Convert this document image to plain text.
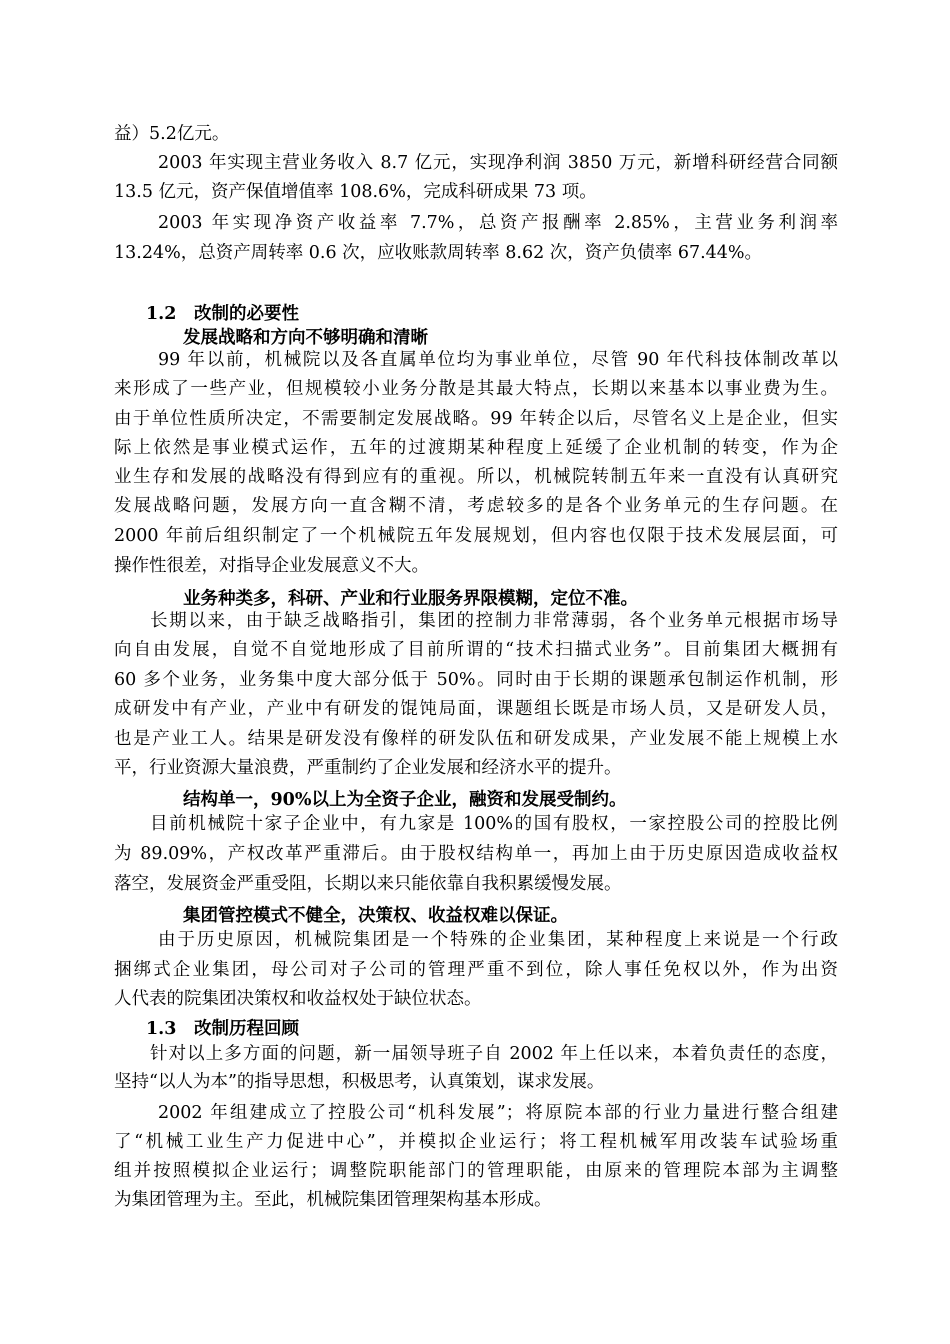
益）5.2亿元。
2003 年实现主营业务收入 8.7 亿元，实现净利润 3850 万元，新增科研经营合同额
13.5 亿元，资产保值增值率 108.6%，完成科研成果 73 项。
2003 年实现净资产收益率 7.7%，总资产报酬率 2.85%，主营业务利润率
13.24%，总资产周转率 0.6 次，应收账款周转率 8.62 次，资产负债率 67.44%。
1.2　改制的必要性
发展战略和方向不够明确和清晰
99 年以前，机械院以及各直属单位均为事业单位，尽管 90 年代科技体制改革以
来形成了一些产业，但规模较小业务分散是其最大特点，长期以来基本以事业费为生。
由于单位性质所决定，不需要制定发展战略。99 年转企以后，尽管名义上是企业，但实
际上依然是事业模式运作，五年的过渡期某种程度上延缓了企业机制的转变，作为企
业生存和发展的战略没有得到应有的重视。所以，机械院转制五年来一直没有认真研究
发展战略问题，发展方向一直含糊不清，考虑较多的是各个业务单元的生存问题。在
2000 年前后组织制定了一个机械院五年发展规划，但内容也仅限于技术发展层面，可
操作性很差，对指导企业发展意义不大。
业务种类多，科研、产业和行业服务界限模糊，定位不准。
长期以来，由于缺乏战略指引，集团的控制力非常薄弱，各个业务单元根据市场导
向自由发展，自觉不自觉地形成了目前所谓的“技术扫描式业务”。目前集团大概拥有
60 多个业务，业务集中度大部分低于 50%。同时由于长期的课题承包制运作机制，形
成研发中有产业，产业中有研发的馄饨局面，课题组长既是市场人员，又是研发人员，
也是产业工人。结果是研发没有像样的研发队伍和研发成果，产业发展不能上规模上水
平，行业资源大量浪费，严重制约了企业发展和经济水平的提升。
结构单一，90%以上为全资子企业，融资和发展受制约。
目前机械院十家子企业中，有九家是 100%的国有股权，一家控股公司的控股比例
为 89.09%，产权改革严重滞后。由于股权结构单一，再加上由于历史原因造成收益权
落空，发展资金严重受阻，长期以来只能依靠自我积累缓慢发展。
集团管控模式不健全，决策权、收益权难以保证。
由于历史原因，机械院集团是一个特殊的企业集团，某种程度上来说是一个行政
捆绑式企业集团，母公司对子公司的管理严重不到位，除人事任免权以外，作为出资
人代表的院集团决策权和收益权处于缺位状态。
1.3　改制历程回顾
针对以上多方面的问题，新一届领导班子自 2002 年上任以来，本着负责任的态度，
坚持“以人为本”的指导思想，积极思考，认真策划，谋求发展。
2002 年组建成立了控股公司“机科发展”；将原院本部的行业力量进行整合组建
了“机械工业生产力促进中心”，并模拟企业运行；将工程机械军用改装车试验场重
组并按照模拟企业运行；调整院职能部门的管理职能，由原来的管理院本部为主调整
为集团管理为主。至此，机械院集团管理架构基本形成。
